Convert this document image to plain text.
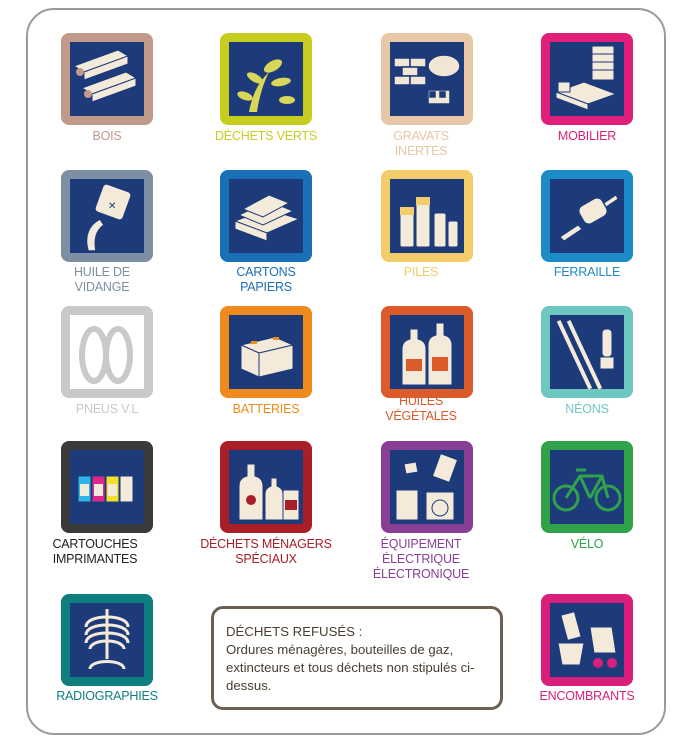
BOIS	DÉCHETS VERTS	GRAVATS
INERTES
MOBILIER
✕
HUILE DE
VIDANGE
CARTONS
PAPIERS
PILES	FERRAILLE
PNEUS V.L	BATTERIES
HUILES
VÉGÉTALES	NÉONS
CARTOUCHES
IMPRIMANTES
DÉCHETS MÉNAGERS
SPÉCIAUX
ÉQUIPEMENT
ÉLECTRIQUE
ÉLECTRONIQUE
VÉLO
RADIOGRAPHIES	ENCOMBRANTS
DÉCHETS REFUSÉS :
Ordures ménagères, bouteilles de gaz, extincteurs et tous déchets non stipulés ci-dessus.
